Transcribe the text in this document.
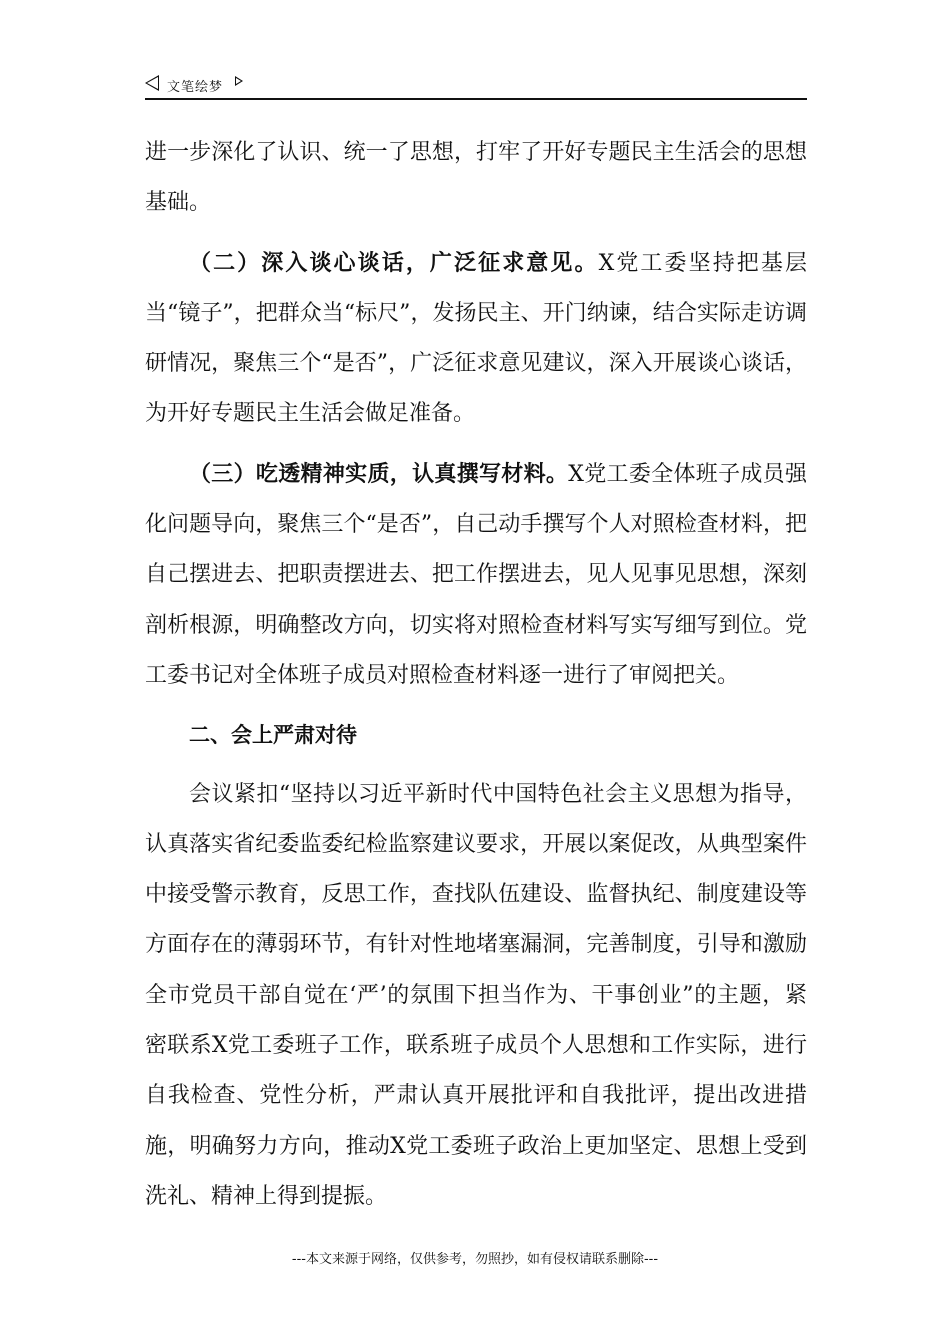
文笔绘梦

进一步深化了认识、统一了思想，打牢了开好专题民主生活会的思想基础。

（二）深入谈心谈话，广泛征求意见。X党工委坚持把基层当“镜子”，把群众当“标尺”，发扬民主、开门纳谏，结合实际走访调研情况，聚焦三个“是否”，广泛征求意见建议，深入开展谈心谈话，为开好专题民主生活会做足准备。

（三）吃透精神实质，认真撰写材料。X党工委全体班子成员强化问题导向，聚焦三个“是否”，自己动手撰写个人对照检查材料，把自己摆进去、把职责摆进去、把工作摆进去，见人见事见思想，深刻剖析根源，明确整改方向，切实将对照检查材料写实写细写到位。党工委书记对全体班子成员对照检查材料逐一进行了审阅把关。

二、会上严肃对待

会议紧扣“坚持以习近平新时代中国特色社会主义思想为指导，认真落实省纪委监委纪检监察建议要求，开展以案促改，从典型案件中接受警示教育，反思工作，查找队伍建设、监督执纪、制度建设等方面存在的薄弱环节，有针对性地堵塞漏洞，完善制度，引导和激励全市党员干部自觉在‘严’的氛围下担当作为、干事创业”的主题，紧密联系X党工委班子工作，联系班子成员个人思想和工作实际，进行自我检查、党性分析，严肃认真开展批评和自我批评，提出改进措施，明确努力方向，推动X党工委班子政治上更加坚定、思想上受到洗礼、精神上得到提振。

---本文来源于网络，仅供参考，勿照抄，如有侵权请联系删除---
